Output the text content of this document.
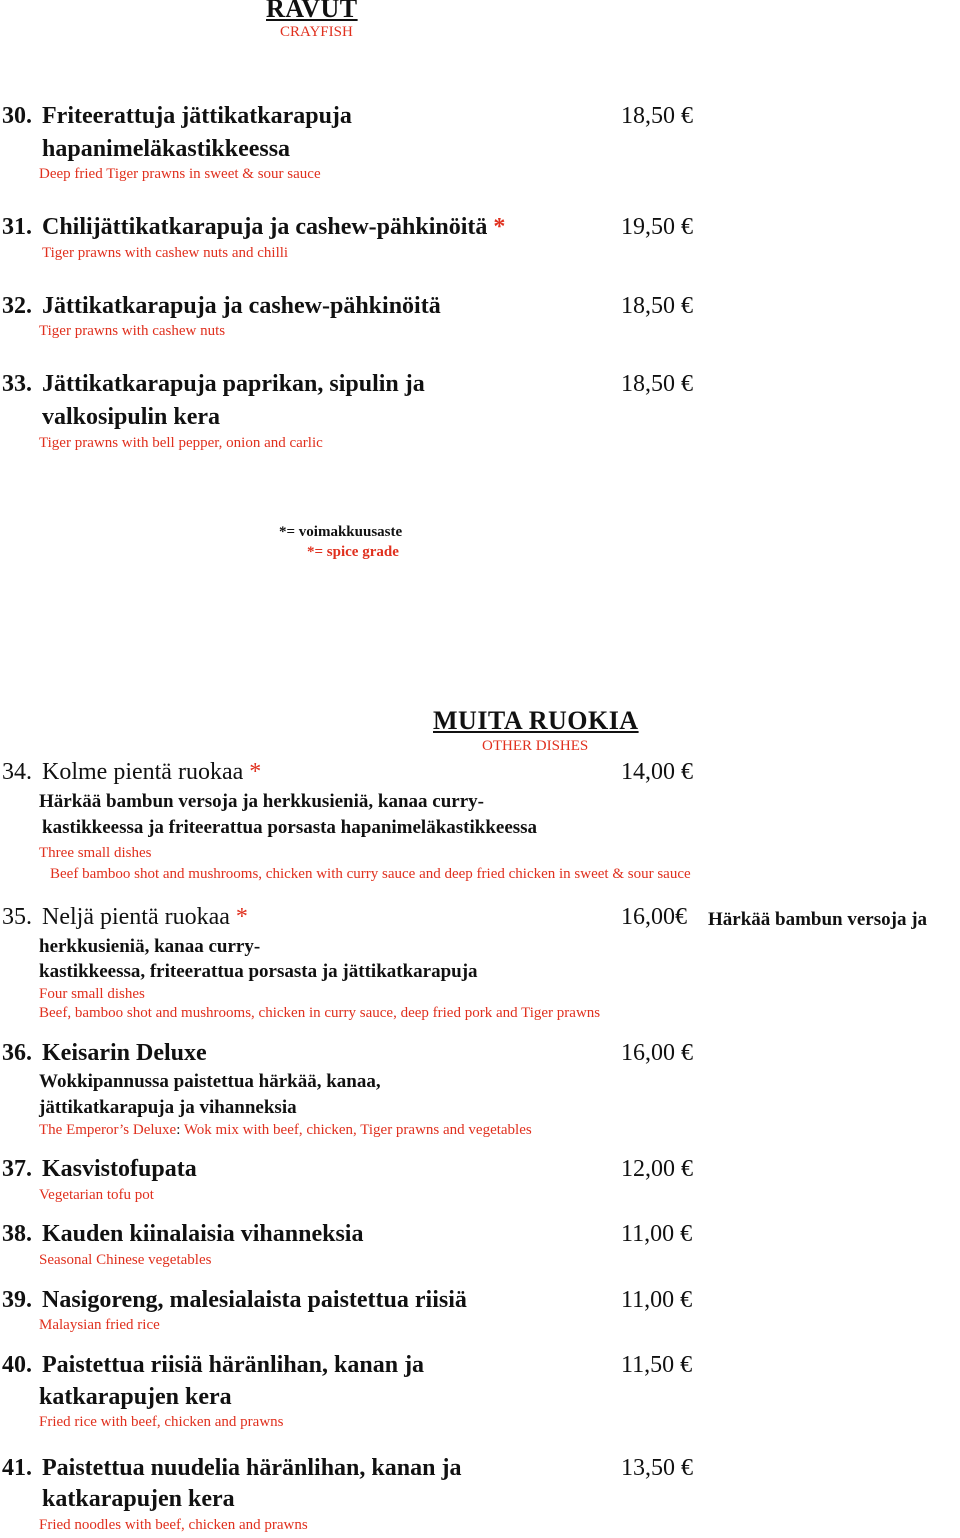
RAVUT
CRAYFISH
30. Friteerattuja jättikatkarapuja	18,50 €
hapanimeläkastikkeessa
Deep fried Tiger prawns in sweet & sour sauce
31. Chilijättikatkarapuja ja cashew-pähkinöitä *	19,50 €
Tiger prawns with cashew nuts and chilli
32. Jättikatkarapuja ja cashew-pähkinöitä	18,50 €
Tiger prawns with cashew nuts
33. Jättikatkarapuja paprikan, sipulin ja	18,50 €
valkosipulin kera
Tiger prawns with bell pepper, onion and carlic
*= voimakkuusaste
*= spice grade
MUITA RUOKIA
OTHER DISHES
34. Kolme pientä ruokaa *	14,00 €
Härkää bambun versoja ja herkkusieniä, kanaa curry-
kastikkeessa ja friteerattua porsasta hapanimeläkastikkeessa
Three small dishes
Beef bamboo shot and mushrooms, chicken with curry sauce and deep fried chicken in sweet & sour sauce
35. Neljä pientä ruokaa *	16,00€ Härkää bambun versoja ja
herkkusieniä, kanaa curry-
kastikkeessa, friteerattua porsasta ja jättikatkarapuja
Four small dishes
Beef, bamboo shot and mushrooms, chicken in curry sauce, deep fried pork and Tiger prawns
36. Keisarin Deluxe	16,00 €
Wokkipannussa paistettua härkää, kanaa,
jättikatkarapuja ja vihanneksia
The Emperor’s Deluxe: Wok mix with beef, chicken, Tiger prawns and vegetables
37. Kasvistofupata	12,00 €
Vegetarian tofu pot
38. Kauden kiinalaisia vihanneksia	11,00 €
Seasonal Chinese vegetables
39. Nasigoreng, malesialaista paistettua riisiä	11,00 €
Malaysian fried rice
40. Paistettua riisiä häränlihan, kanan ja	11,50 €
katkarapujen kera
Fried rice with beef, chicken and prawns
41. Paistettua nuudelia häränlihan, kanan ja	13,50 €
katkarapujen kera
Fried noodles with beef, chicken and prawns
